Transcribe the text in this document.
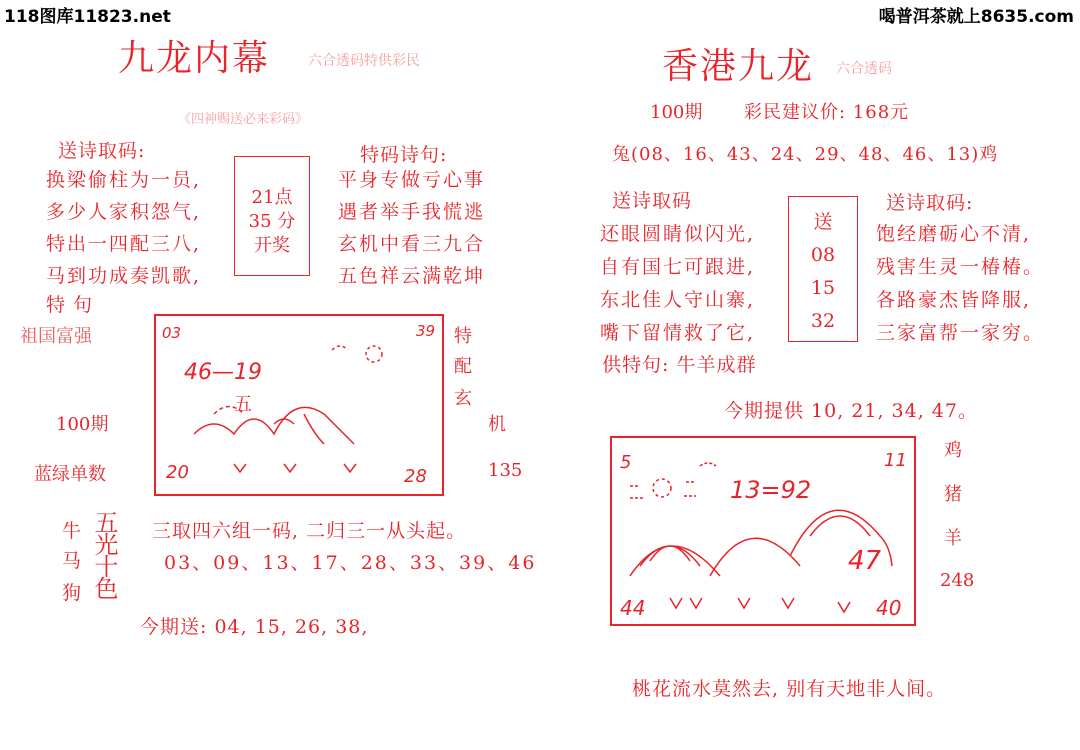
118图库11823.net	喝普洱茶就上8635.com
九龙内幕	六合透码特供彩民
《四神赐送必来彩码》
送诗取码:	特码诗句:
换梁偷柱为一员,
多少人家积怨气,
特出一四配三八,
马到功成奏凯歌,
21点
35 分
开奖
平身专做亏心事
遇者举手我慌逃
玄机中看三九合
五色祥云满乾坤
特 句
祖国富强
100期
蓝绿单数
特
配
玄
机
135
03	39
46—19
五
20	28
牛
马
狗 五光十色 三取四六组一码, 二归三一从头起。
03、09、13、17、28、33、39、46
今期送: 04, 15, 26, 38,
香港九龙 六合透码
100期 彩民建议价: 168元
兔(08、16、43、24、29、48、46、13)鸡
送诗取码	送诗取码:
还眼圆睛似闪光,
自有国七可跟进,
东北佳人守山寨,
嘴下留情救了它,
送
08
15
32
饱经磨砺心不清,
残害生灵一椿椿。
各路豪杰皆降服,
三家富帮一家穷。
供特句: 牛羊成群
今期提供 10, 21, 34, 47。
5	11
13=92
47
44	40
鸡
猪
羊
248
桃花流水莫然去, 别有天地非人间。
